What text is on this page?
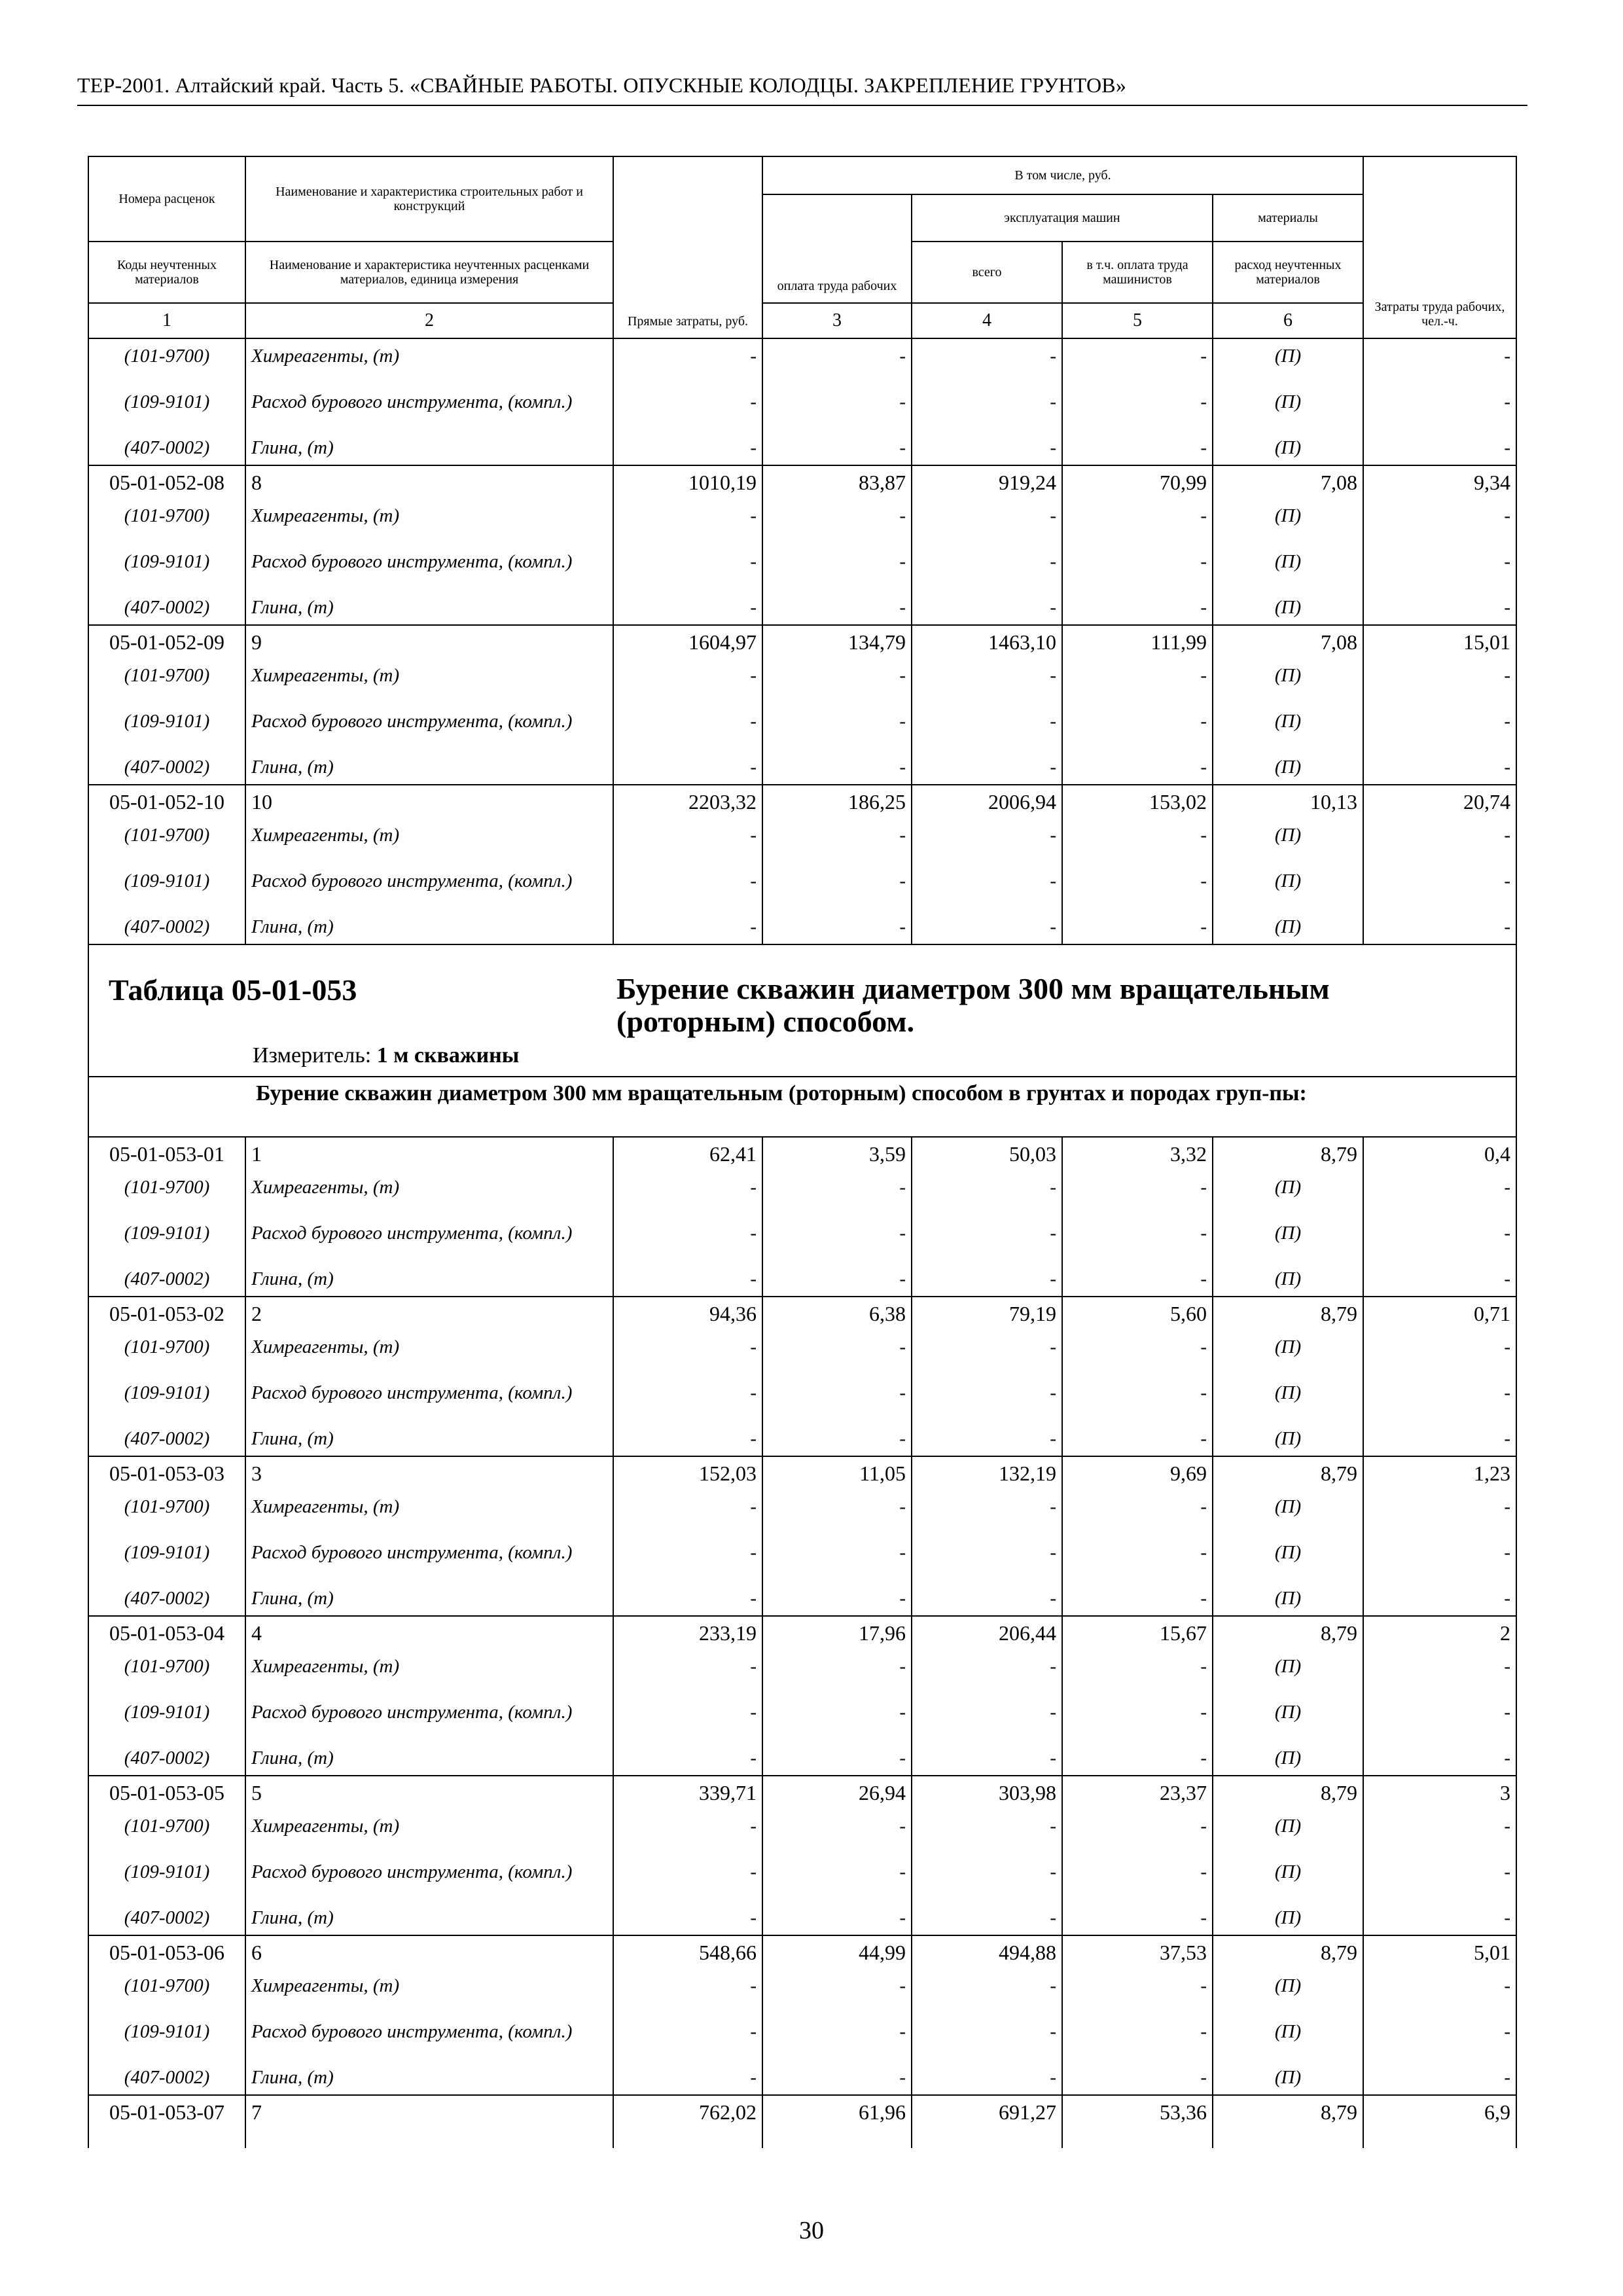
ТЕР-2001. Алтайский край. Часть 5. «СВАЙНЫЕ РАБОТЫ. ОПУСКНЫЕ КОЛОДЦЫ. ЗАКРЕПЛЕНИЕ ГРУНТОВ»
Номера расценок	Наименование и характеристика строительных работ и конструкций	Прямые затраты, руб.	В том числе, руб.				Затраты труда рабочих, чел.-ч.	
			оплата труда рабочих	эксплуатация машин		материалы		
Коды неучтенных материалов	Наименование и характеристика неучтенных расценками материалов, единица измерения			всего	в т.ч. оплата труда машинистов	расход неучтенных материалов		
1	2		3	4	5	6		
(101-9700)	Химреагенты, (т)	-	-	-	-	(П)	-	
(109-9101)	Расход бурового инструмента, (компл.)	-	-	-	-	(П)	-	
(407-0002)	Глина, (т)	-	-	-	-	(П)	-	
05-01-052-08	8	1010,19	83,87	919,24	70,99	7,08	9,34	
(101-9700)	Химреагенты, (т)	-	-	-	-	(П)	-	
(109-9101)	Расход бурового инструмента, (компл.)	-	-	-	-	(П)	-	
(407-0002)	Глина, (т)	-	-	-	-	(П)	-	
05-01-052-09	9	1604,97	134,79	1463,10	111,99	7,08	15,01	
(101-9700)	Химреагенты, (т)	-	-	-	-	(П)	-	
(109-9101)	Расход бурового инструмента, (компл.)	-	-	-	-	(П)	-	
(407-0002)	Глина, (т)	-	-	-	-	(П)	-	
05-01-052-10	10	2203,32	186,25	2006,94	153,02	10,13	20,74	
(101-9700)	Химреагенты, (т)	-	-	-	-	(П)	-	
(109-9101)	Расход бурового инструмента, (компл.)	-	-	-	-	(П)	-	
(407-0002)	Глина, (т)	-	-	-	-	(П)	-	

Таблица 05-01-053 Бурение скважин диаметром 300 мм вращательным (роторным) способом.
Измеритель: 1 м скважины								

	Бурение скважин диаметром 300 мм вращательным (роторным) способом в грунтах и породах груп-пы:							
05-01-053-01	1	62,41	3,59	50,03	3,32	8,79	0,4	
(101-9700)	Химреагенты, (т)	-	-	-	-	(П)	-	
(109-9101)	Расход бурового инструмента, (компл.)	-	-	-	-	(П)	-	
(407-0002)	Глина, (т)	-	-	-	-	(П)	-	
05-01-053-02	2	94,36	6,38	79,19	5,60	8,79	0,71	
(101-9700)	Химреагенты, (т)	-	-	-	-	(П)	-	
(109-9101)	Расход бурового инструмента, (компл.)	-	-	-	-	(П)	-	
(407-0002)	Глина, (т)	-	-	-	-	(П)	-	
05-01-053-03	3	152,03	11,05	132,19	9,69	8,79	1,23	
(101-9700)	Химреагенты, (т)	-	-	-	-	(П)	-	
(109-9101)	Расход бурового инструмента, (компл.)	-	-	-	-	(П)	-	
(407-0002)	Глина, (т)	-	-	-	-	(П)	-	
05-01-053-04	4	233,19	17,96	206,44	15,67	8,79	2	
(101-9700)	Химреагенты, (т)	-	-	-	-	(П)	-	
(109-9101)	Расход бурового инструмента, (компл.)	-	-	-	-	(П)	-	
(407-0002)	Глина, (т)	-	-	-	-	(П)	-	
05-01-053-05	5	339,71	26,94	303,98	23,37	8,79	3	
(101-9700)	Химреагенты, (т)	-	-	-	-	(П)	-	
(109-9101)	Расход бурового инструмента, (компл.)	-	-	-	-	(П)	-	
(407-0002)	Глина, (т)	-	-	-	-	(П)	-	
05-01-053-06	6	548,66	44,99	494,88	37,53	8,79	5,01	
(101-9700)	Химреагенты, (т)	-	-	-	-	(П)	-	
(109-9101)	Расход бурового инструмента, (компл.)	-	-	-	-	(П)	-	
(407-0002)	Глина, (т)	-	-	-	-	(П)	-	
05-01-053-07	7	762,02	61,96	691,27	53,36	8,79	6,9	

30
